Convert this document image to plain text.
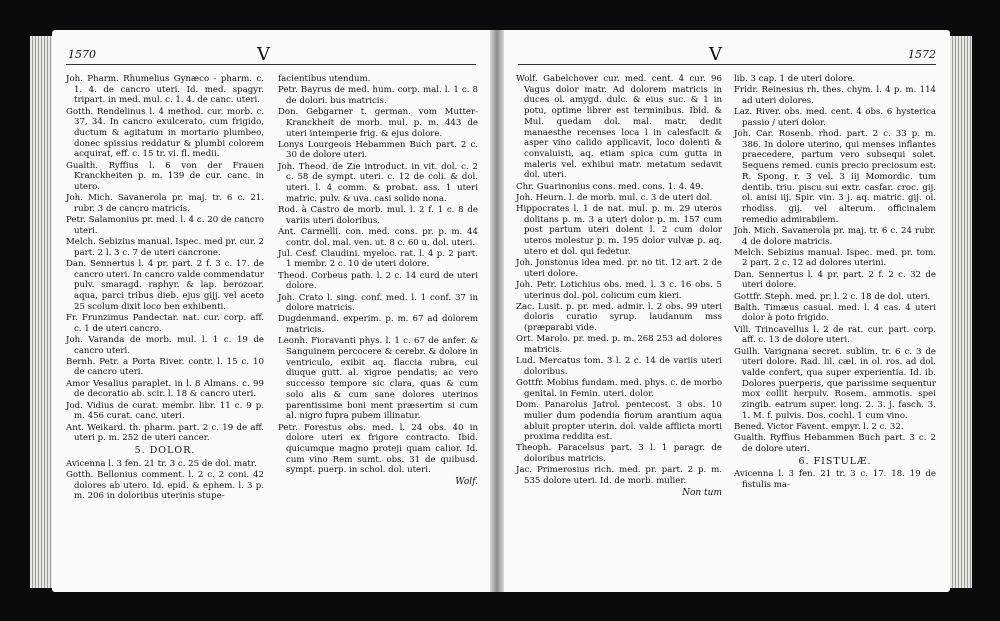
1570	V
Joh. Pharm. Rhumelius Gynæco - pharm. c. 1. 4. de cancro uteri. Id. med. spagyr. tripart. in med. mul. c. 1. 4. de canc. uteri.
Gotth. Rendelinus l. 4 method. cur. morb. c. 37, 34. In cancro exulcerato, cum frigido, ductum & agitatum in mortario plumbeo, donec spissius reddatur & plumbi colorem acquirat, eff. c. 15 tr. vi. fl. medii.
Gualth. Ryffius l. 6 von der Frauen Kranckheiten p. m. 139 de cur. canc. in utero.
Joh. Mich. Savanerola pr. maj. tr. 6 c. 21. rubr. 3 de cancro matricis.
Petr. Salamonius pr. med. l. 4 c. 20 de cancro uteri.
Melch. Sebizius manual. Ispec. med pr. cur. 2 part. 2 l. 3 c. 7 de uteri cancrone.
Dan. Sennertus l. 4 pr. part. 2 f. 3 c. 17. de cancro uteri. In cancro valde commendatur pulv. smaragd. raphyr. & lap. berozoar. aqua, parci tribus dieb. ejus gijj. vel aceto 25 scolum dixit loco ben exhibenti.
Fr. Frunzimus Pandectar. nat. cur. corp. aff. c. 1 de uteri cancro.
Joh. Varanda de morb. mul. l. 1 c. 19 de cancro uteri.
Bernh. Petr. a Porta River. contr. l. 15 c. 10 de cancro uteri.
Amor Vesalius paraplet. in l. 8 Almans. c. 99 de decoratio ab. scir. l. 18 & cancro uteri.
Jod. Vidius de curat. membr. libr. 11 c. 9 p. m. 456 curat. canc. uteri.
Ant. Weikard. th. pharm. part. 2 c. 19 de aff. uteri p. m. 252 de uteri cancer.
5. DOLOR.
Avicenna l. 3 fen. 21 tr. 3 c. 25 de dol. matr.
Gotth. Bellonius comment. l. 2 c. 2 coni. 42 dolores ab utero. Id. epid. & ephem. l. 3 p. m. 206 in doloribus uterinis stupe-
facientibus utendum.
Petr. Bayrus de med. hum. corp. mal. l. 1 c. 8 de dolori. bus matricis.
Don. Gebgarner t. german. vom Mutter-Kranckheit de morb. mul. p. m. 443 de uteri intemperie frig. & ejus dolore.
Lonys Lourgeois Hebammen Buch part. 2 c. 30 de dolore uteri.
Joh. Theod. de Zie introduct. in vit. dol. c. 2 c. 58 de sympt. uteri. c. 12 de coli. & dol. uteri. l. 4 comm. & probat. ass. 1 uteri matric. pulv. & uva. casi solido nona.
Rod. à Castro de morb. mul. l. 2 f. 1 c. 8 de variis uteri doloribus.
Ant. Carmelli. con. med. cons. pr. p. m. 44 contr. dol. mal. ven. ut. 8 c. 60 u. dol. uteri.
Jul. Cesf. Claudini. myeloc. rat. l. 4 p. 2 part. 1 membr. 2 c. 10 de uteri dolore.
Theod. Corbeus path. l. 2 c. 14 curd de uteri dolore.
Joh. Crato l. sing. conf. med. l. 1 conf. 37 in dolore matricis.
Dugdenmand. experim. p. m. 67 ad dolorem matricis.
Leonh. Fioravanti phys. l. 1 c. 67 de anfer. & Sanguinem percocere & cerebr. & dolore in ventriculo, exibit aq. flaccia rubra, cui diuque gutt. al. xigroe pendatis; ac vero successo tempore sic clara, quas & cum solo alis & cum sane dolores uterinos parentissime boni ment præsertim si cum al. nigro fupra pubem illinatur.
Petr. Forestus obs. med. l. 24 obs. 40 in dolore uteri ex frigore contracto. Ibid. quicumque magno proteji quam calior. Id. cum vino Rem sumt. obs. 31 de quibusd. sympt. puerp. in schol. dol. uteri.
Wolf.
V	1572
Wolf. Gabelchover cur. med. cent. 4 cur. 96 Vagus dolor matr. Ad dolorem matricis in duces ol. amygd. dulc. & eius suc. & 1 in potu, optime librer est terminibus. Ibid. & Mul. quedam dol. mal. matr. dedit manaesthe recenses loca l in calesfacit & asper vino calido applicavit, loco dolenti & convaluisti, aq. etiam spica cum gutta in maleris vel. exhibui matr. metatum sedavit dol. uteri.
Chr. Guarinonius cons. med. cons. 1. 4. 49.
Joh. Heurn. l. de morb. mul. c. 3 de uteri dol.
Hippocrates l. 1 de nat. mul. p. m. 29 uteros dolitans p. m. 3 a uteri dolor p. m. 157 cum post partum uteri dolent l. 2 cum dolor uteros molestur p. m. 195 dolor vulvæ p. aq. utero et dol. qui fedetur.
Joh. Jonstonus idea med. pr. no tit. 12 art. 2 de uteri dolore.
Joh. Petr. Lotichius obs. med. l. 3 c. 16 obs. 5 uterinus dol. pol. colicum cum kieri.
Zac. Lusit. p. pr. med. admir. l. 2 obs. 99 uteri doloris curatio syrup. laudanum mss (præparabi vide.
Ort. Marolo. pr. med. p. m. 268 253 ad dolores matricis.
Lud. Mercatus tom. 3 l. 2 c. 14 de variis uteri doloribus.
Gottfr. Mobius fundam. med. phys. c. de morbo genital. in Femin. uteri. dolor.
Dom. Panarolus Jatrol. pentecost. 3 obs. 10 mulier dum podendia fiorum arantium aqua abluit propter uterin. dol. valde afflicta morti proxima reddita est.
Theoph. Paracelsus part. 3 l. 1 paragr. de doloribus matricis.
Jac. Primerosius rich. med. pr. part. 2 p. m. 535 dolore uteri. Id. de morb. mulier.
Non tum
lib. 3 cap. 1 de uteri dolore.
Fridr. Reinesius rh. thes. chym. l. 4 p. m. 114 ad uteri dolores.
Laz. River. obs. med. cent. 4 obs. 6 hysterica passio / uteri dolor.
Joh. Car. Rosenb. rhod. part. 2 c. 33 p. m. 386. In dolore uterino, qui menses inflantes praecedere, partum vero subsequi solet. Sequens remed. cunis precio preciosum est: R. Spong. r. 3 vel. 3 iij Momordic. tum dentib. triu. piscu sui extr. casfar. croc. gij. ol. anisi iij. Spir. vin. 3 j. aq. matric. gij. ol. rhodiss. gij. vel alterum. officinalem remedio admirabilem.
Joh. Mich. Savanerola pr. maj. tr. 6 c. 24 rubr. 4 de dolore matricis.
Melch. Sebizius manual. Ispec. med. pr. tom. 2 part. 2 c. 12 ad dolores uterini.
Dan. Sennertus l. 4 pr. part. 2 f. 2 c. 32 de uteri dolore.
Gottfr. Steph. med. pr. l. 2 c. 18 de dol. uteri.
Balth. Timæus casual. med. l. 4 cas. 4 uteri dolor à poto frigido.
Vill. Trincavellus l. 2 de rat. cur. part. corp. aff. c. 13 de dolore uteri.
Guilh. Varignana secret. sublim. tr. 6 c. 3 de uteri dolore. Rad. lil. cæl. in ol. ros. ad dol. valde confert, qua super experientia. Id. ib. Dolores puerperis, que parissime sequentur mox collit herpulv. Rosem. ammotis. spei zingib. eatrum super. long. 2. 3. j. fasch. 3. 1. M. f. pulvis. Dos. cochl. 1 cum vino.
Bened. Victor Favent. empyr. l. 2 c. 32.
Gualth. Ryffius Hebammen Buch part. 3 c. 2 de dolore uteri.
6. FISTULÆ.
Avicenna l. 3 fen. 21 tr. 3 c. 17. 18. 19 de fistulis ma-
